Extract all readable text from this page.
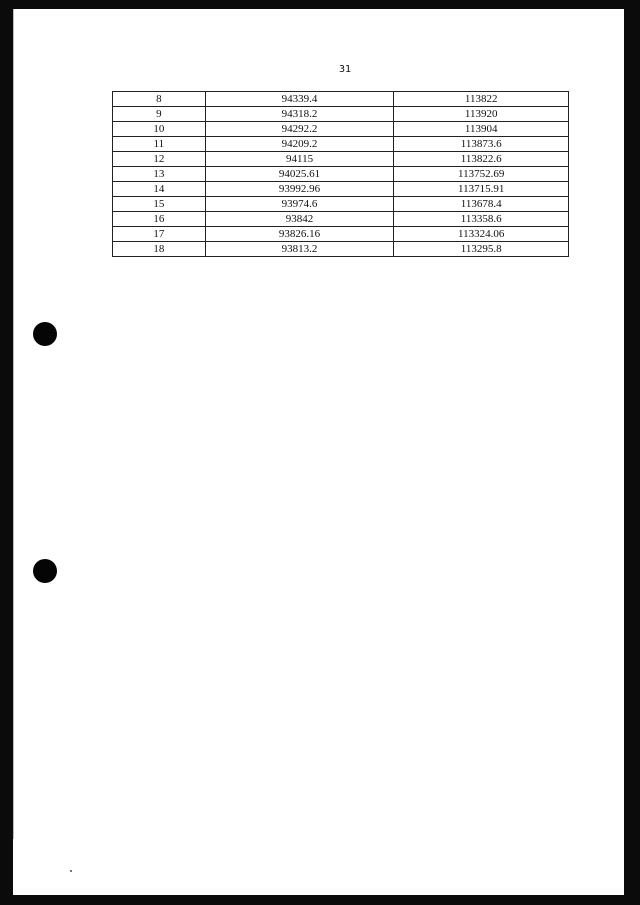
31
8	94339.4	113822
9	94318.2	113920
10	94292.2	113904
11	94209.2	113873.6
12	94115	113822.6
13	94025.61	113752.69
14	93992.96	113715.91
15	93974.6	113678.4
16	93842	113358.6
17	93826.16	113324.06
18	93813.2	113295.8
